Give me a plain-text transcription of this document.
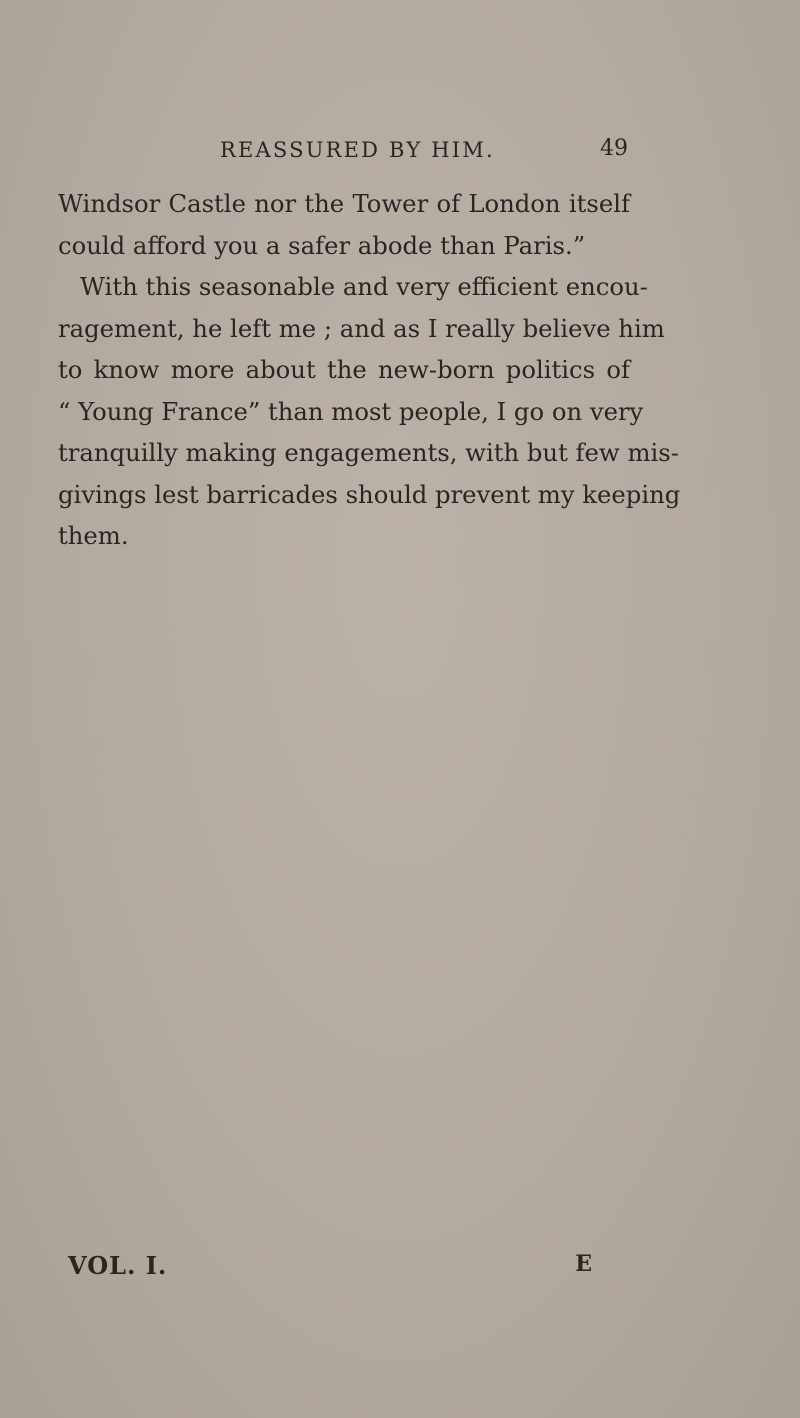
REASSURED BY HIM.	49
Windsor Castle nor the Tower of London itself
could afford you a safer abode than Paris.”
With this seasonable and very efficient encou-
ragement, he left me ; and as I really believe him
to know more about the new-born politics of
“ Young France” than most people, I go on very
tranquilly making engagements, with but few mis-
givings lest barricades should prevent my keeping
them.
VOL. I.	E
